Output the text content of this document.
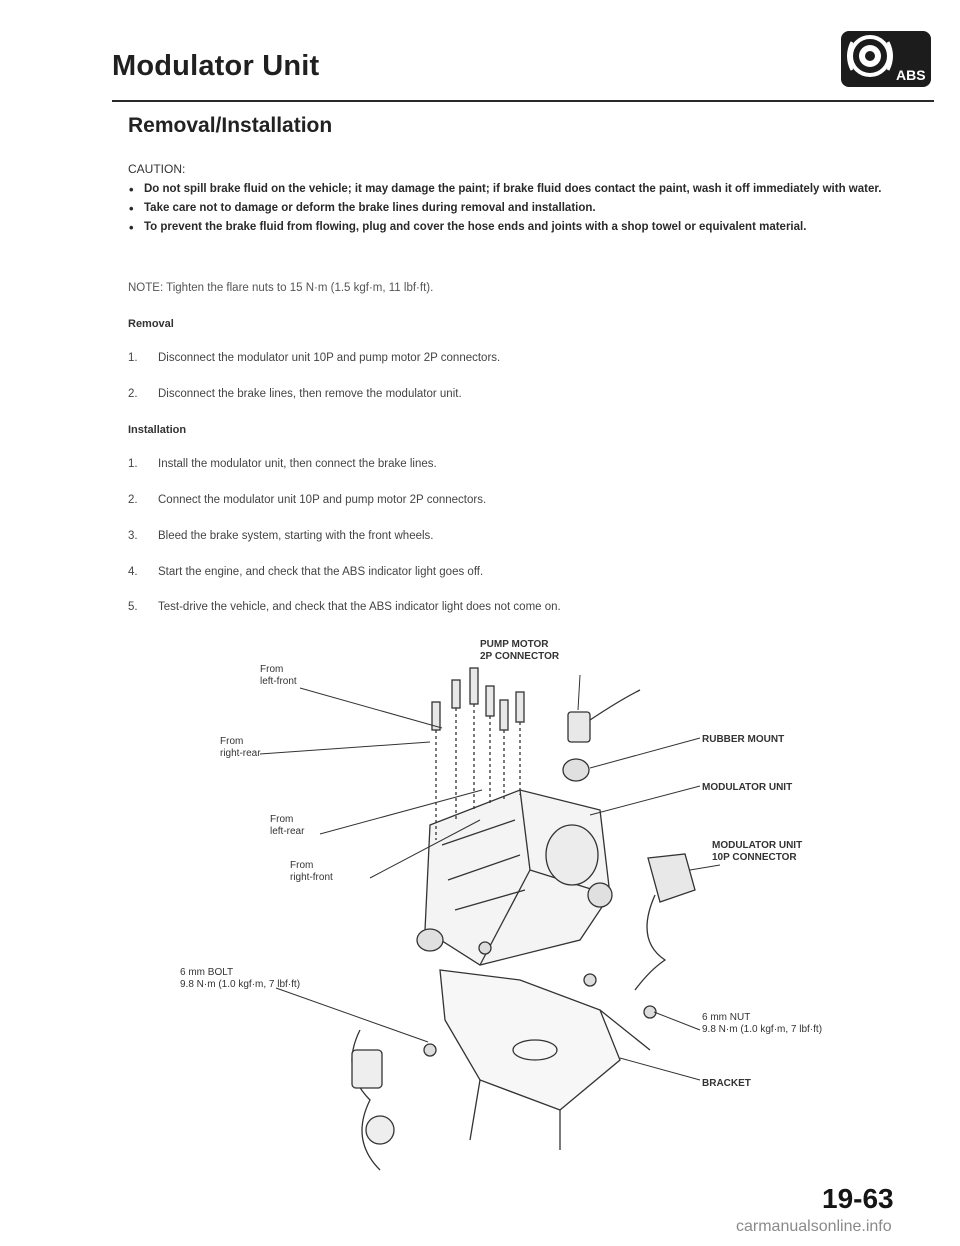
Modulator Unit	ABS
Removal/Installation
CAUTION:
• Do not spill brake fluid on the vehicle; it may damage the paint; if brake fluid does contact the paint, wash it off immediately with water.
• Take care not to damage or deform the brake lines during removal and installation.
• To prevent the brake fluid from flowing, plug and cover the hose ends and joints with a shop towel or equivalent material.
NOTE: Tighten the flare nuts to 15 N·m (1.5 kgf·m, 11 lbf·ft).
Removal
1. Disconnect the modulator unit 10P and pump motor 2P connectors.
2. Disconnect the brake lines, then remove the modulator unit.
Installation
1. Install the modulator unit, then connect the brake lines.
2. Connect the modulator unit 10P and pump motor 2P connectors.
3. Bleed the brake system, starting with the front wheels.
4. Start the engine, and check that the ABS indicator light goes off.
5. Test-drive the vehicle, and check that the ABS indicator light does not come on.
PUMP MOTOR
2P CONNECTOR
From
left-front
From
right-rear
From
left-rear
From
right-front
RUBBER MOUNT
MODULATOR UNIT
MODULATOR UNIT
10P CONNECTOR
6 mm BOLT
9.8 N·m (1.0 kgf·m, 7 lbf·ft)
6 mm NUT
9.8 N·m (1.0 kgf·m, 7 lbf·ft)
BRACKET
19-63
carmanualsonline.info
